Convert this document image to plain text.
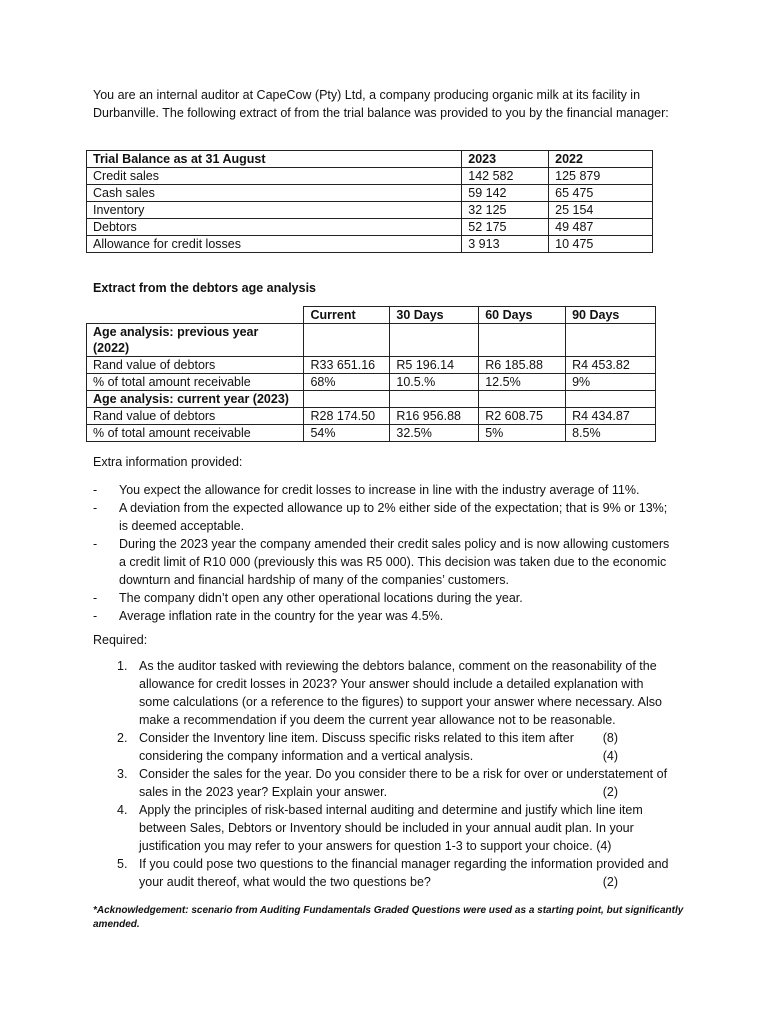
You are an internal auditor at CapeCow (Pty) Ltd, a company producing organic milk at its facility in Durbanville. The following extract of from the trial balance was provided to you by the financial manager:

Trial Balance as at 31 August	2023	2022
Credit sales	142 582	125 879
Cash sales	59 142	65 475
Inventory	32 125	25 154
Debtors	52 175	49 487
Allowance for credit losses	3 913	10 475

Extract from the debtors age analysis

	Current	30 Days	60 Days	90 Days
Age analysis: previous year (2022)				
Rand value of debtors	R33 651.16	R5 196.14	R6 185.88	R4 453.82
% of total amount receivable	68%	10.5.%	12.5%	9%
Age analysis: current year (2023)				
Rand value of debtors	R28 174.50	R16 956.88	R2 608.75	R4 434.87
% of total amount receivable	54%	32.5%	5%	8.5%

Extra information provided:

- You expect the allowance for credit losses to increase in line with the industry average of 11%.
- A deviation from the expected allowance up to 2% either side of the expectation; that is 9% or 13%; is deemed acceptable.
- During the 2023 year the company amended their credit sales policy and is now allowing customers a credit limit of R10 000 (previously this was R5 000). This decision was taken due to the economic downturn and financial hardship of many of the companies’ customers.
- The company didn’t open any other operational locations during the year.
- Average inflation rate in the country for the year was 4.5%.

Required:

1. As the auditor tasked with reviewing the debtors balance, comment on the reasonability of the allowance for credit losses in 2023? Your answer should include a detailed explanation with some calculations (or a reference to the figures) to support your answer where necessary. Also make a recommendation if you deem the current year allowance not to be reasonable.
(8)
2. Consider the Inventory line item. Discuss specific risks related to this item after considering the company information and a vertical analysis.	(4)
3. Consider the sales for the year. Do you consider there to be a risk for over or understatement of sales in the 2023 year? Explain your answer.	(2)
4. Apply the principles of risk-based internal auditing and determine and justify which line item between Sales, Debtors or Inventory should be included in your annual audit plan. In your justification you may refer to your answers for question 1-3 to support your choice. (4)
5. If you could pose two questions to the financial manager regarding the information provided and your audit thereof, what would the two questions be?	(2)

*Acknowledgement: scenario from Auditing Fundamentals Graded Questions were used as a starting point, but significantly amended.
